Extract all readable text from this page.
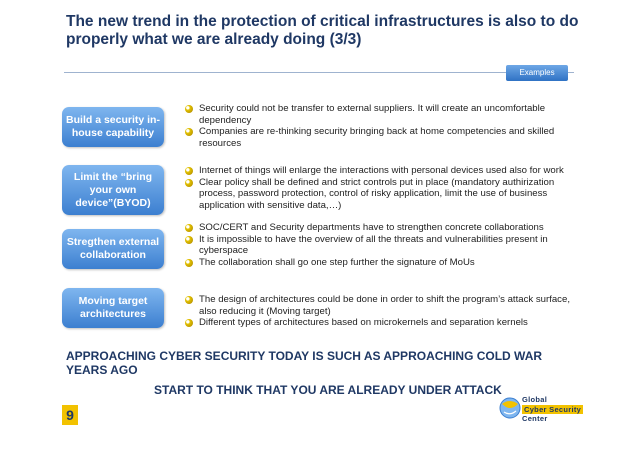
The new trend in the protection of critical infrastructures is also to do properly what we are already doing (3/3)
Examples
Build a security in-house capability
Security could not be transfer to external suppliers. It will create an uncomfortable dependency
Companies are re-thinking security bringing back at home competencies and skilled resources
Limit the “bring your own device”(BYOD)
Internet of things will enlarge the interactions with personal devices used also for work
Clear policy shall be defined and strict controls put in place (mandatory authirization process, password protection, control of risky application, limit the use of business application with sensitive data,…)
Stregthen external collaboration
SOC/CERT and Security departments have to strengthen concrete collaborations
It is impossible to have the overview of all the threats and vulnerabilities present in cyberspace
The collaboration shall go one step further the signature of MoUs
Moving target architectures
The design of architectures could be done in order to shift the program’s attack surface, also reducing it (Moving target)
Different types of architectures based on microkernels and separation kernels
APPROACHING CYBER SECURITY TODAY IS SUCH AS APPROACHING COLD WAR YEARS AGO
START TO THINK THAT YOU ARE ALREADY UNDER ATTACK
9
Global
Cyber Security
Center
